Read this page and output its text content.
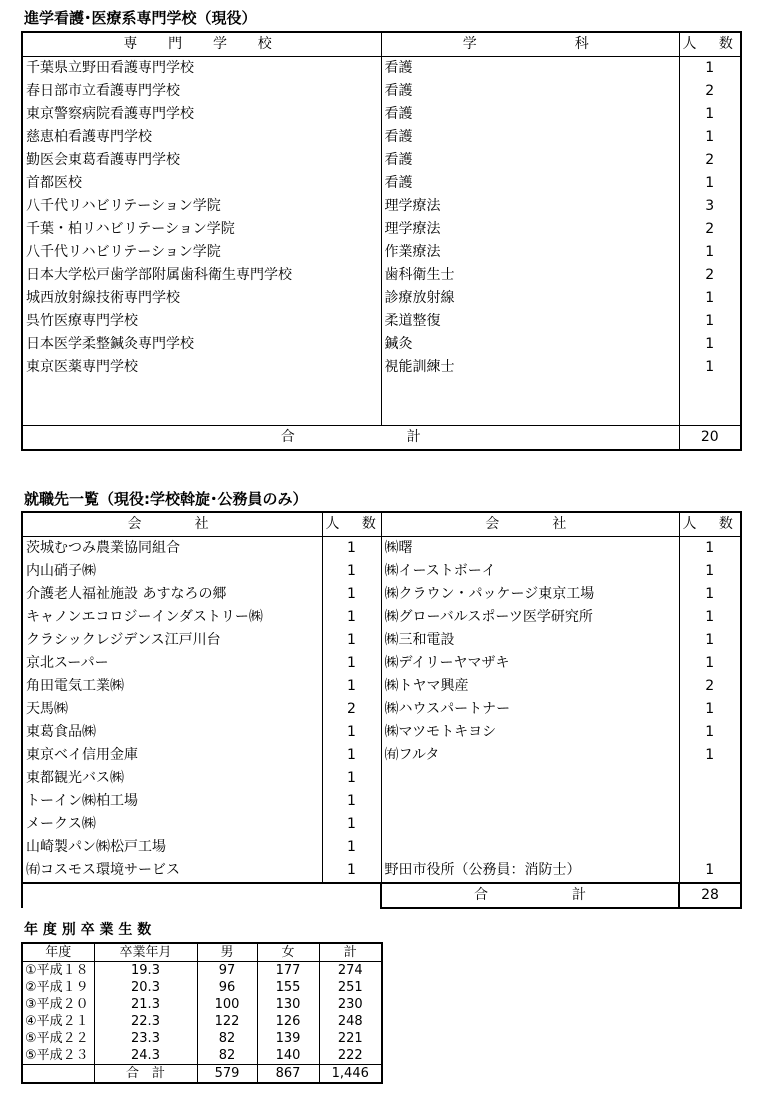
進学看護･医療系専門学校（現役）
専　門　学　校	学　　　　科	人　数
千葉県立野田看護専門学校	看護	1
春日部市立看護専門学校	看護	2
東京警察病院看護専門学校	看護	1
慈恵柏看護専門学校	看護	1
勤医会東葛看護専門学校	看護	2
首都医校	看護	1
八千代リハビリテーション学院	理学療法	3
千葉・柏リハビリテーション学院	理学療法	2
八千代リハビリテーション学院	作業療法	1
日本大学松戸歯学部附属歯科衛生専門学校	歯科衛生士	2
城西放射線技術専門学校	診療放射線	1
呉竹医療専門学校	柔道整復	1
日本医学柔整鍼灸専門学校	鍼灸	1
東京医薬専門学校	視能訓練士	1

合　　　　　　　　計		20
就職先一覧（現役:学校斡旋･公務員のみ）
会　　社	人　数	会　　社	人　数
茨城むつみ農業協同組合	1	㈱曙	1
内山硝子㈱	1	㈱イーストボーイ	1
介護老人福祉施設 あすなろの郷	1	㈱クラウン・パッケージ東京工場	1
キャノンエコロジーインダストリー㈱	1	㈱グローバルスポーツ医学研究所	1
クラシックレジデンス江戸川台	1	㈱三和電設	1
京北スーパー	1	㈱デイリーヤマザキ	1
角田電気工業㈱	1	㈱トヤマ興産	2
天馬㈱	2	㈱ハウスパートナー	1
東葛食品㈱	1	㈱マツモトキヨシ	1
東京ベイ信用金庫	1	㈲フルタ	1
東都観光バス㈱	1		
トーイン㈱柏工場	1		
メークス㈱	1		
山崎製パン㈱松戸工場	1		
㈲コスモス環境サービス	1	野田市役所（公務員：消防士）	1
		合　　　　　　計	28
年 度 別 卒 業 生 数
年度	卒業年月	男	女	計
①平成１８	19.3	97	177	274
②平成１９	20.3	96	155	251
③平成２０	21.3	100	130	230
④平成２１	22.3	122	126	248
⑤平成２２	23.3	82	139	221
⑤平成２３	24.3	82	140	222
	合　計	579	867	1,446
